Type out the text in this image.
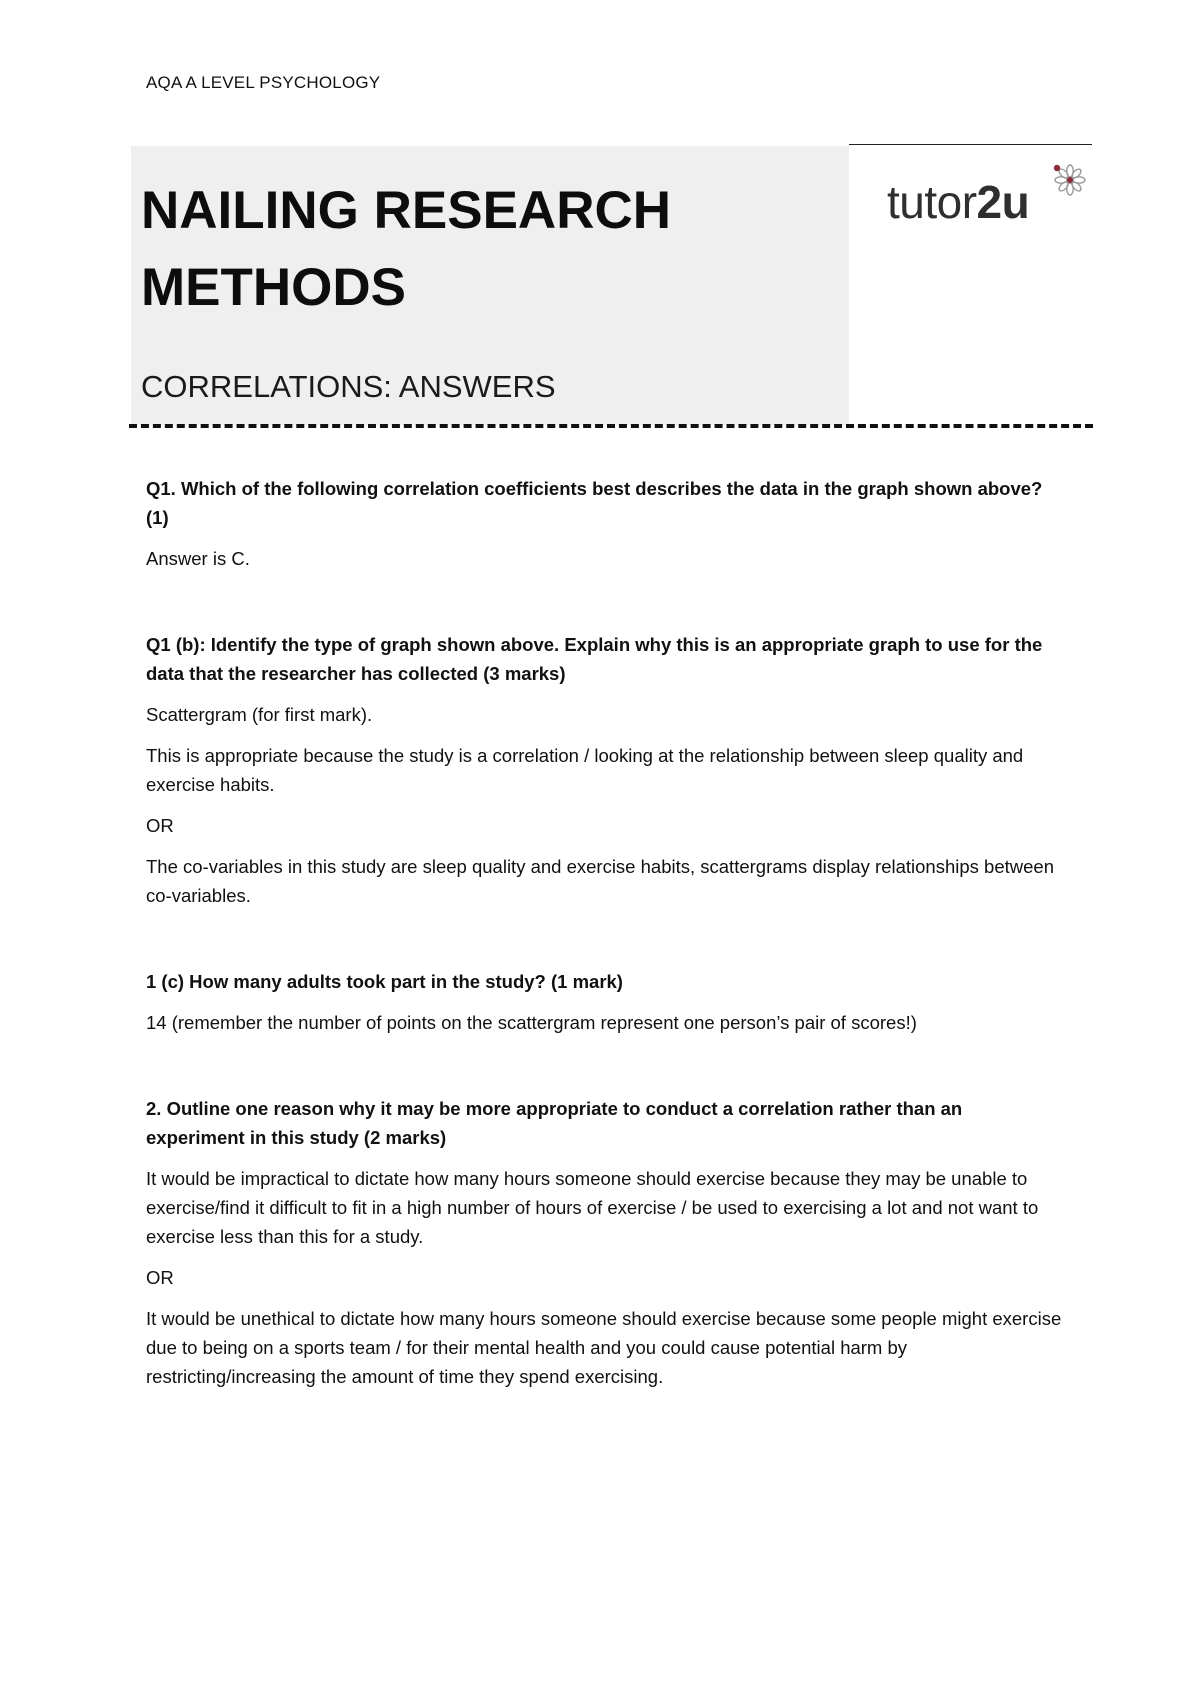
AQA A LEVEL PSYCHOLOGY
NAILING RESEARCH
METHODS
CORRELATIONS: ANSWERS
tutor2u

Q1. Which of the following correlation coefficients best describes the data in the graph shown above? (1)

Answer is C.

Q1 (b): Identify the type of graph shown above. Explain why this is an appropriate graph to use for the data that the researcher has collected (3 marks)

Scattergram (for first mark).

This is appropriate because the study is a correlation / looking at the relationship between sleep quality and exercise habits.

OR

The co-variables in this study are sleep quality and exercise habits, scattergrams display relationships between co-variables.

1 (c) How many adults took part in the study? (1 mark)

14 (remember the number of points on the scattergram represent one person’s pair of scores!)

2. Outline one reason why it may be more appropriate to conduct a correlation rather than an experiment in this study (2 marks)

It would be impractical to dictate how many hours someone should exercise because they may be unable to exercise/find it difficult to fit in a high number of hours of exercise / be used to exercising a lot and not want to exercise less than this for a study.

OR

It would be unethical to dictate how many hours someone should exercise because some people might exercise due to being on a sports team / for their mental health and you could cause potential harm by restricting/increasing the amount of time they spend exercising.
